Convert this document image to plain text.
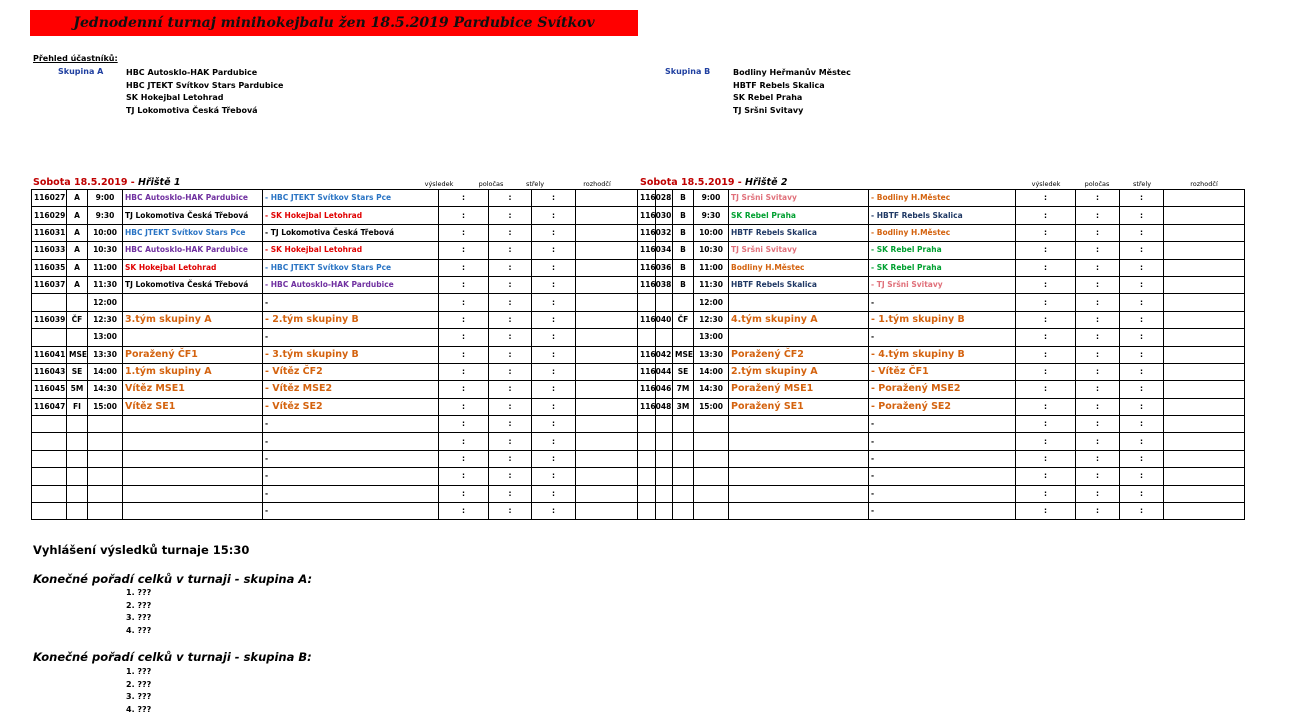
Jednodenní turnaj minihokejbalu žen 18.5.2019 Pardubice Svítkov
Přehled účastníků:
Skupina A	HBC Autosklo-HAK Pardubice
HBC JTEKT Svítkov Stars Pardubice
SK Hokejbal Letohrad
TJ Lokomotiva Česká Třebová
Skupina B	Bodliny Heřmanův Městec
HBTF Rebels Skalica
SK Rebel Praha
TJ Sršni Svitavy
Sobota 18.5.2019 - Hřiště 1	výsledek	poločas	střely	rozhodčí	Sobota 18.5.2019 - Hřiště 2	výsledek	poločas	střely	rozhodčí
116027	A	9:00	HBC Autosklo-HAK Pardubice	- HBC JTEKT Svítkov Stars Pce	:	:	:	
116029	A	9:30	TJ Lokomotiva Česká Třebová	- SK Hokejbal Letohrad	:	:	:	
116031	A	10:00	HBC JTEKT Svítkov Stars Pce	- TJ Lokomotiva Česká Třebová	:	:	:	
116033	A	10:30	HBC Autosklo-HAK Pardubice	- SK Hokejbal Letohrad	:	:	:	
116035	A	11:00	SK Hokejbal Letohrad	- HBC JTEKT Svítkov Stars Pce	:	:	:	
116037	A	11:30	TJ Lokomotiva Česká Třebová	- HBC Autosklo-HAK Pardubice	:	:	:	
		12:00		-	:	:	:	
116039	ČF	12:30	3.tým skupiny A	- 2.tým skupiny B	:	:	:	
		13:00		-	:	:	:	
116041	MSE	13:30	Poražený ČF1	- 3.tým skupiny B	:	:	:	
116043	SE	14:00	1.tým skupiny A	- Vítěz ČF2	:	:	:	
116045	5M	14:30	Vítěz MSE1	- Vítěz MSE2	:	:	:	
116047	FI	15:00	Vítěz SE1	- Vítěz SE2	:	:	:	
				-	:	:	:	
				-	:	:	:	
				-	:	:	:	
				-	:	:	:	
				-	:	:	:	
				-	:	:	:	
116028	B	9:00	TJ Sršni Svitavy	- Bodliny H.Městec	:	:	:	
116030	B	9:30	SK Rebel Praha	- HBTF Rebels Skalica	:	:	:	
116032	B	10:00	HBTF Rebels Skalica	- Bodliny H.Městec	:	:	:	
116034	B	10:30	TJ Sršni Svitavy	- SK Rebel Praha	:	:	:	
116036	B	11:00	Bodliny H.Městec	- SK Rebel Praha	:	:	:	
116038	B	11:30	HBTF Rebels Skalica	- TJ Sršni Svitavy	:	:	:	
		12:00		-	:	:	:	
116040	ČF	12:30	4.tým skupiny A	- 1.tým skupiny B	:	:	:	
		13:00		-	:	:	:	
116042	MSE	13:30	Poražený ČF2	- 4.tým skupiny B	:	:	:	
116044	SE	14:00	2.tým skupiny A	- Vítěz ČF1	:	:	:	
116046	7M	14:30	Poražený MSE1	- Poražený MSE2	:	:	:	
116048	3M	15:00	Poražený SE1	- Poražený SE2	:	:	:	
				-	:	:	:	
				-	:	:	:	
				-	:	:	:	
				-	:	:	:	
				-	:	:	:	
				-	:	:	:	
Vyhlášení výsledků turnaje 15:30
Konečné pořadí celků v turnaji - skupina A:
1. ???
2. ???
3. ???
4. ???
Konečné pořadí celků v turnaji - skupina B:
1. ???
2. ???
3. ???
4. ???
